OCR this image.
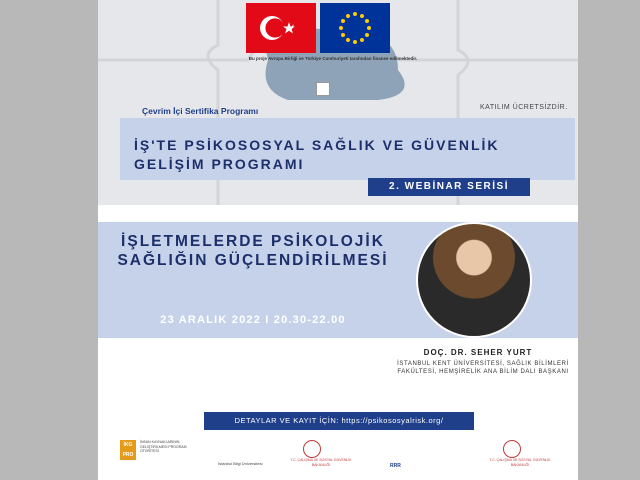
Bu proje Avrupa Birliği ve Türkiye Cumhuriyeti tarafından finanse edilmektedir.
Çevrim İçi Sertifika Programı	KATILIM ÜCRETSİZDİR.
İŞ'TE PSİKOSOSYAL SAĞLIK VE GÜVENLİK GELİŞİM PROGRAMI
2. WEBİNAR SERİSİ
İŞLETMELERDE PSİKOLOJİK SAĞLIĞIN GÜÇLENDİRİLMESİ
23 ARALIK 2022 I 20.30-22.00
DOÇ. DR. SEHER YURT
İSTANBUL KENT ÜNİVERSİTESİ, SAĞLIK BİLİMLERİ FAKÜLTESİ, HEMŞİRELİK ANA BİLİM DALI BAŞKANI
DETAYLAR VE KAYIT İÇİN: https://psikososyalrisk.org/
İKG PRO
İNSAN KAYNAKLARININ GELİŞTİRİLMESİ PROGRAM OTORİTESİ
İstanbul Bilgi Üniversitesi
T.C. ÇALIŞMA VE SOSYAL GÜVENLİK BAKANLIĞI	RRR
T.C. ÇALIŞMA VE SOSYAL GÜVENLİK BAKANLIĞI
